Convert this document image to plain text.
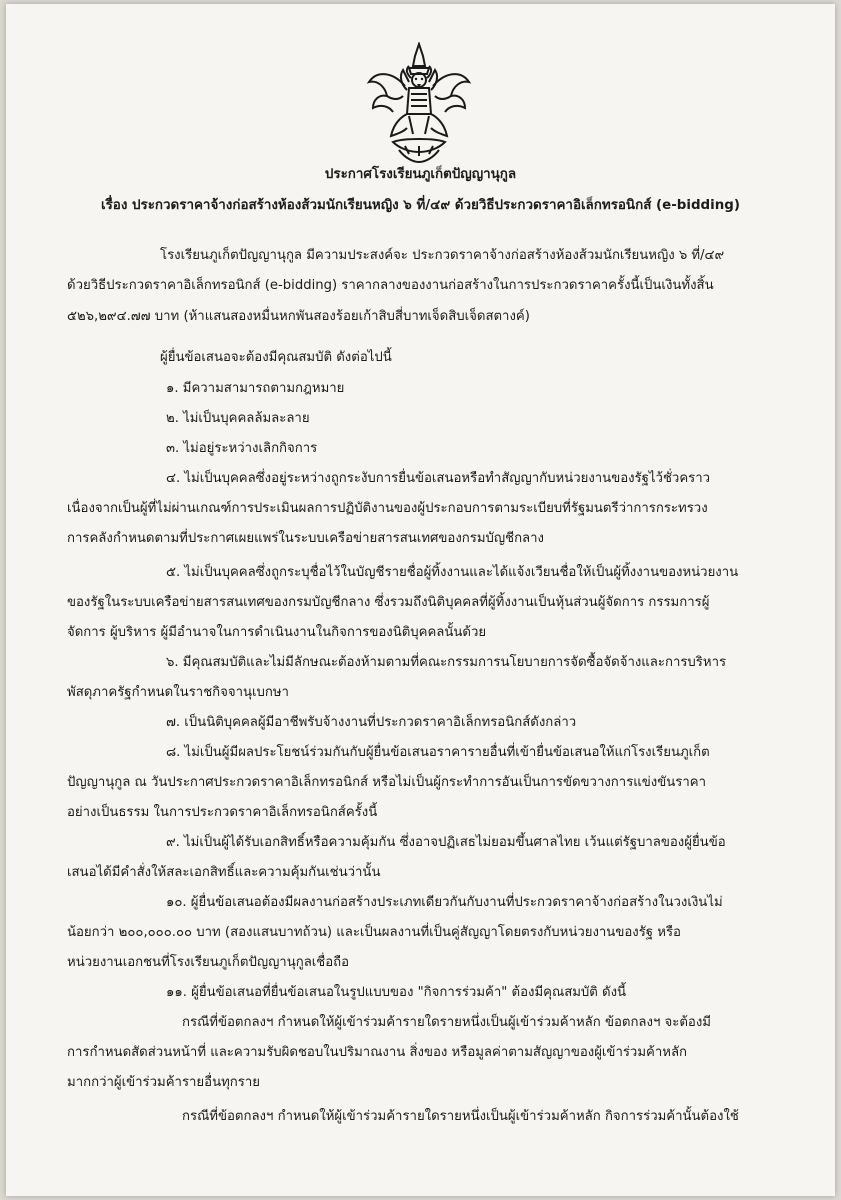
ประกาศโรงเรียนภูเก็ตปัญญานุกูล
เรื่อง ประกวดราคาจ้างก่อสร้างห้องส้วมนักเรียนหญิง ๖ ที่/๔๙ ด้วยวิธีประกวดราคาอิเล็กทรอนิกส์ (e-bidding)
โรงเรียนภูเก็ตปัญญานุกูล มีความประสงค์จะ ประกวดราคาจ้างก่อสร้างห้องส้วมนักเรียนหญิง ๖ ที่/๔๙
ด้วยวิธีประกวดราคาอิเล็กทรอนิกส์ (e-bidding) ราคากลางของงานก่อสร้างในการประกวดราคาครั้งนี้เป็นเงินทั้งสิ้น
๕๒๖,๒๙๔.๗๗ บาท (ห้าแสนสองหมื่นหกพันสองร้อยเก้าสิบสี่บาทเจ็ดสิบเจ็ดสตางค์)
ผู้ยื่นข้อเสนอจะต้องมีคุณสมบัติ ดังต่อไปนี้
๑. มีความสามารถตามกฎหมาย
๒. ไม่เป็นบุคคลล้มละลาย
๓. ไม่อยู่ระหว่างเลิกกิจการ
๔. ไม่เป็นบุคคลซึ่งอยู่ระหว่างถูกระงับการยื่นข้อเสนอหรือทำสัญญากับหน่วยงานของรัฐไว้ชั่วคราว
เนื่องจากเป็นผู้ที่ไม่ผ่านเกณฑ์การประเมินผลการปฏิบัติงานของผู้ประกอบการตามระเบียบที่รัฐมนตรีว่าการกระทรวง
การคลังกำหนดตามที่ประกาศเผยแพร่ในระบบเครือข่ายสารสนเทศของกรมบัญชีกลาง
๕. ไม่เป็นบุคคลซึ่งถูกระบุชื่อไว้ในบัญชีรายชื่อผู้ทิ้งงานและได้แจ้งเวียนชื่อให้เป็นผู้ทิ้งงานของหน่วยงาน
ของรัฐในระบบเครือข่ายสารสนเทศของกรมบัญชีกลาง ซึ่งรวมถึงนิติบุคคลที่ผู้ทิ้งงานเป็นหุ้นส่วนผู้จัดการ กรรมการผู้
จัดการ ผู้บริหาร ผู้มีอำนาจในการดำเนินงานในกิจการของนิติบุคคลนั้นด้วย
๖. มีคุณสมบัติและไม่มีลักษณะต้องห้ามตามที่คณะกรรมการนโยบายการจัดซื้อจัดจ้างและการบริหาร
พัสดุภาครัฐกำหนดในราชกิจจานุเบกษา
๗. เป็นนิติบุคคลผู้มีอาชีพรับจ้างงานที่ประกวดราคาอิเล็กทรอนิกส์ดังกล่าว
๘. ไม่เป็นผู้มีผลประโยชน์ร่วมกันกับผู้ยื่นข้อเสนอราคารายอื่นที่เข้ายื่นข้อเสนอให้แก่โรงเรียนภูเก็ต
ปัญญานุกูล ณ วันประกาศประกวดราคาอิเล็กทรอนิกส์ หรือไม่เป็นผู้กระทำการอันเป็นการขัดขวางการแข่งขันราคา
อย่างเป็นธรรม ในการประกวดราคาอิเล็กทรอนิกส์ครั้งนี้
๙. ไม่เป็นผู้ได้รับเอกสิทธิ์หรือความคุ้มกัน ซึ่งอาจปฏิเสธไม่ยอมขึ้นศาลไทย เว้นแต่รัฐบาลของผู้ยื่นข้อ
เสนอได้มีคำสั่งให้สละเอกสิทธิ์และความคุ้มกันเช่นว่านั้น
๑๐. ผู้ยื่นข้อเสนอต้องมีผลงานก่อสร้างประเภทเดียวกันกับงานที่ประกวดราคาจ้างก่อสร้างในวงเงินไม่
น้อยกว่า ๒๐๐,๐๐๐.๐๐ บาท (สองแสนบาทถ้วน) และเป็นผลงานที่เป็นคู่สัญญาโดยตรงกับหน่วยงานของรัฐ หรือ
หน่วยงานเอกชนที่โรงเรียนภูเก็ตปัญญานุกูลเชื่อถือ
๑๑. ผู้ยื่นข้อเสนอที่ยื่นข้อเสนอในรูปแบบของ "กิจการร่วมค้า" ต้องมีคุณสมบัติ ดังนี้
กรณีที่ข้อตกลงฯ กำหนดให้ผู้เข้าร่วมค้ารายใดรายหนึ่งเป็นผู้เข้าร่วมค้าหลัก ข้อตกลงฯ จะต้องมี
การกำหนดสัดส่วนหน้าที่ และความรับผิดชอบในปริมาณงาน สิ่งของ หรือมูลค่าตามสัญญาของผู้เข้าร่วมค้าหลัก
มากกว่าผู้เข้าร่วมค้ารายอื่นทุกราย
กรณีที่ข้อตกลงฯ กำหนดให้ผู้เข้าร่วมค้ารายใดรายหนึ่งเป็นผู้เข้าร่วมค้าหลัก กิจการร่วมค้านั้นต้องใช้
